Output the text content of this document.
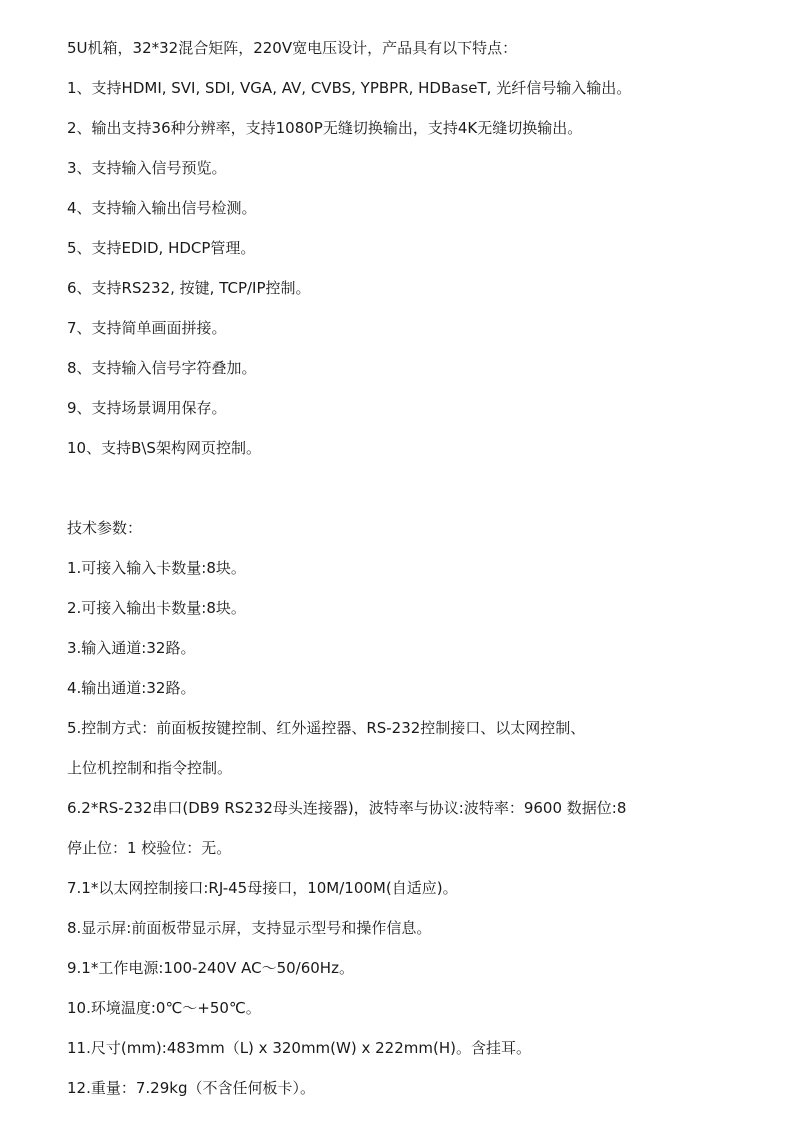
5U机箱，32*32混合矩阵，220V宽电压设计，产品具有以下特点：
1、支持HDMI, SVI, SDI, VGA, AV, CVBS, YPBPR, HDBaseT, 光纤信号输入输出。
2、输出支持36种分辨率，支持1080P无缝切换输出，支持4K无缝切换输出。
3、支持输入信号预览。
4、支持输入输出信号检测。
5、支持EDID, HDCP管理。
6、支持RS232, 按键, TCP/IP控制。
7、支持简单画面拼接。
8、支持输入信号字符叠加。
9、支持场景调用保存。
10、支持B\S架构网页控制。
技术参数：
1.可接入输入卡数量:8块。
2.可接入输出卡数量:8块。
3.输入通道:32路。
4.输出通道:32路。
5.控制方式：前面板按键控制、红外遥控器、RS-232控制接口、以太网控制、
上位机控制和指令控制。
6.2*RS-232串口(DB9 RS232母头连接器)，波特率与协议:波特率：9600 数据位:8
停止位：1 校验位：无。
7.1*以太网控制接口:RJ-45母接口，10M/100M(自适应)。
8.显示屏:前面板带显示屏，支持显示型号和操作信息。
9.1*工作电源:100-240V AC～50/60Hz。
10.环境温度:0℃～+50℃。
11.尺寸(mm):483mm（L) x 320mm(W) x 222mm(H)。含挂耳。
12.重量：7.29kg（不含任何板卡）。
